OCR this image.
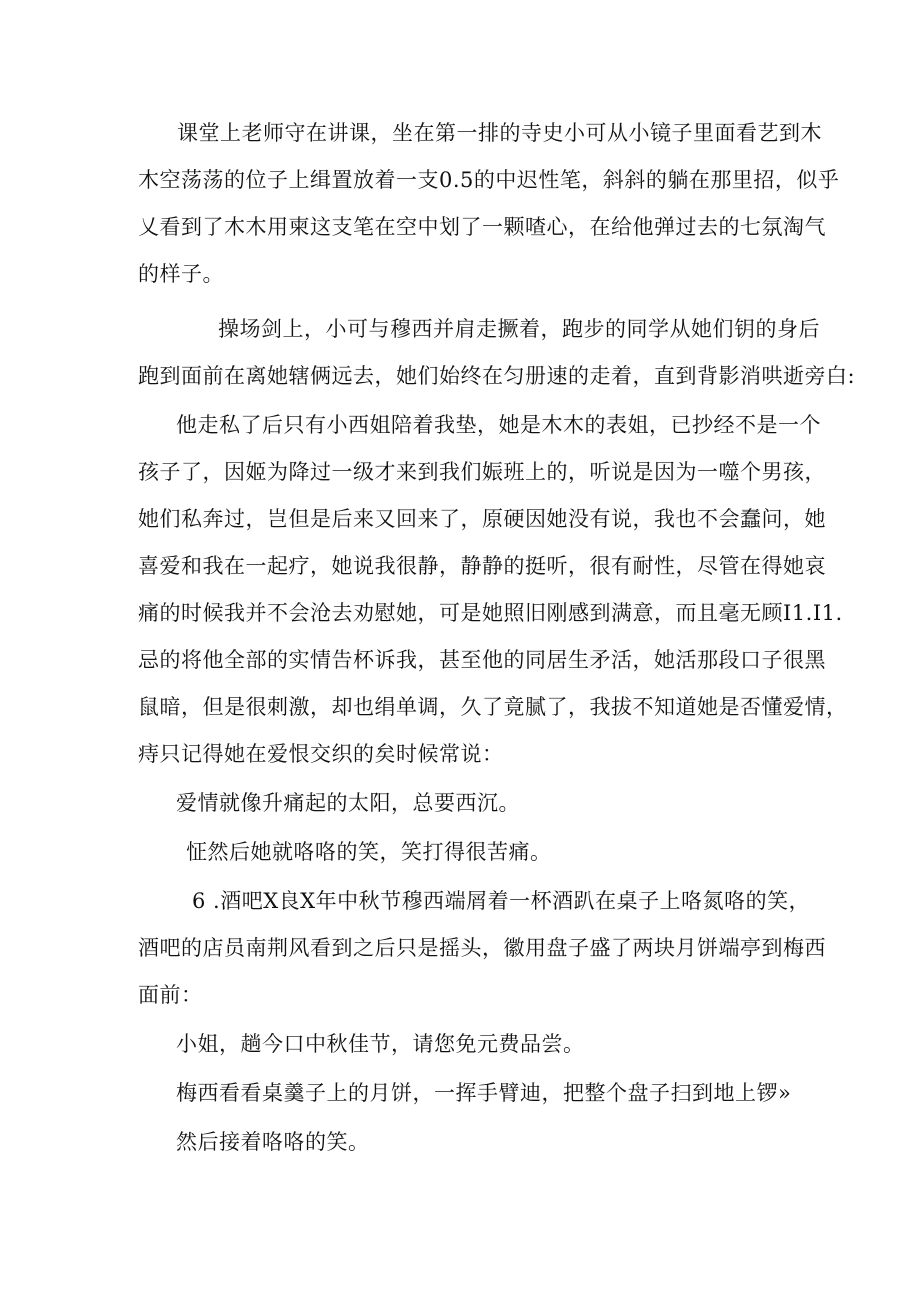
课堂上老师守在讲课，坐在第一排的寺史小可从小镜子里面看艺到木
木空荡荡的位子上缉置放着一支0.5的中迟性笔，斜斜的躺在那里招，似乎
乂看到了木木用柬这支笔在空中划了一颗喳心，在给他弹过去的七氛淘气
的样子。
操场剑上，小可与穆西并肩走撅着，跑步的同学从她们钥的身后
跑到面前在离她辖俩远去，她们始终在匀册速的走着，直到背影消哄逝旁白:
他走私了后只有小西姐陪着我垫，她是木木的表姐，已抄经不是一个
孩子了，因姬为降过一级才来到我们娠班上的，听说是因为一噬个男孩，
她们私奔过，岂但是后来又回来了，原硬因她没有说，我也不会蠢问，她
喜爱和我在一起疗，她说我很静，静静的挺听，很有耐性，尽管在得她哀
痛的时候我并不会沧去劝慰她，可是她照旧刚感到满意，而且毫无顾I1.I1.
忌的将他全部的实情告杯诉我，甚至他的同居生矛活，她活那段口子很黑
鼠暗，但是很刺激，却也绢单调，久了竟腻了，我拔不知道她是否懂爱情，
痔只记得她在爱恨交织的矣时候常说：
爱情就像升痛起的太阳，总要西沉。
怔然后她就咯咯的笑，笑打得很苦痛。
6 .酒吧X良X年中秋节穆西端屑着一杯酒趴在桌子上咯氮咯的笑，
酒吧的店员南荆风看到之后只是摇头，徽用盘子盛了两块月饼端亭到梅西
面前：
小姐，趟今口中秋佳节，请您免元费品尝。
梅西看看桌羹子上的月饼，一挥手臂迪，把整个盘子扫到地上锣»
然后接着咯咯的笑。
